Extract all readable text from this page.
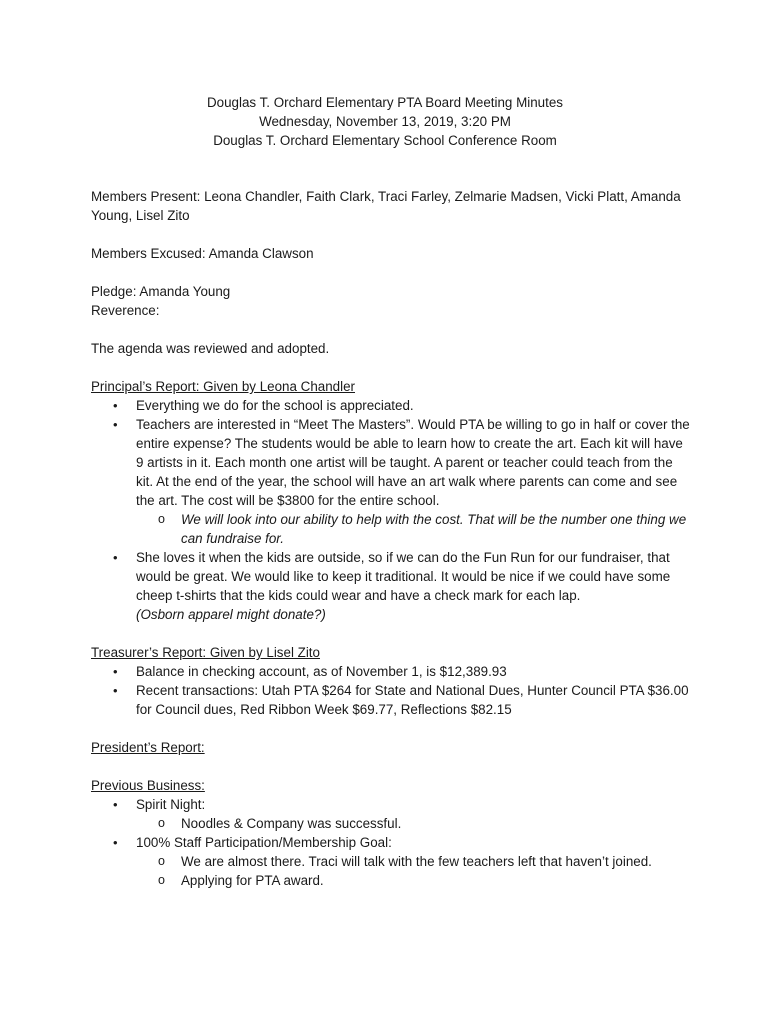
Douglas T. Orchard Elementary PTA Board Meeting Minutes
Wednesday, November 13, 2019, 3:20 PM
Douglas T. Orchard Elementary School Conference Room

Members Present: Leona Chandler, Faith Clark, Traci Farley, Zelmarie Madsen, Vicki Platt, Amanda Young, Lisel Zito

Members Excused: Amanda Clawson

Pledge: Amanda Young

Reverence:

The agenda was reviewed and adopted.

Principal’s Report: Given by Leona Chandler

• Everything we do for the school is appreciated.
• Teachers are interested in “Meet The Masters”. Would PTA be willing to go in half or cover the entire expense? The students would be able to learn how to create the art. Each kit will have 9 artists in it. Each month one artist will be taught. A parent or teacher could teach from the kit. At the end of the year, the school will have an art walk where parents can come and see the art. The cost will be $3800 for the entire school.
o We will look into our ability to help with the cost. That will be the number one thing we can fundraise for.
• She loves it when the kids are outside, so if we can do the Fun Run for our fundraiser, that would be great. We would like to keep it traditional. It would be nice if we could have some cheep t-shirts that the kids could wear and have a check mark for each lap.
(Osborn apparel might donate?)

Treasurer’s Report: Given by Lisel Zito

• Balance in checking account, as of November 1, is $12,389.93
• Recent transactions: Utah PTA $264 for State and National Dues, Hunter Council PTA $36.00 for Council dues, Red Ribbon Week $69.77, Reflections $82.15

President’s Report:

Previous Business:

• Spirit Night:
o Noodles & Company was successful.
• 100% Staff Participation/Membership Goal:
o We are almost there. Traci will talk with the few teachers left that haven’t joined.
o Applying for PTA award.
